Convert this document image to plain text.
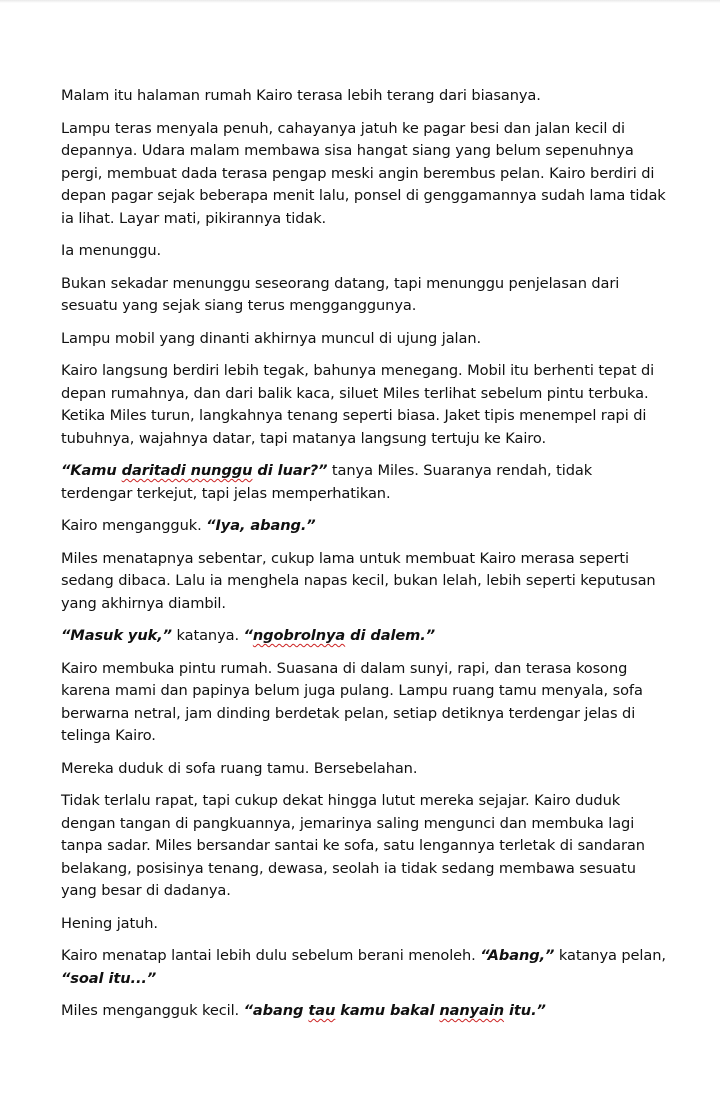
Malam itu halaman rumah Kairo terasa lebih terang dari biasanya.

Lampu teras menyala penuh, cahayanya jatuh ke pagar besi dan jalan kecil di depannya. Udara malam membawa sisa hangat siang yang belum sepenuhnya pergi, membuat dada terasa pengap meski angin berembus pelan. Kairo berdiri di depan pagar sejak beberapa menit lalu, ponsel di genggamannya sudah lama tidak ia lihat. Layar mati, pikirannya tidak.

Ia menunggu.

Bukan sekadar menunggu seseorang datang, tapi menunggu penjelasan dari sesuatu yang sejak siang terus mengganggunya.

Lampu mobil yang dinanti akhirnya muncul di ujung jalan.

Kairo langsung berdiri lebih tegak, bahunya menegang. Mobil itu berhenti tepat di depan rumahnya, dan dari balik kaca, siluet Miles terlihat sebelum pintu terbuka. Ketika Miles turun, langkahnya tenang seperti biasa. Jaket tipis menempel rapi di tubuhnya, wajahnya datar, tapi matanya langsung tertuju ke Kairo.

“Kamu daritadi nunggu di luar?” tanya Miles. Suaranya rendah, tidak terdengar terkejut, tapi jelas memperhatikan.

Kairo mengangguk. “Iya, abang.”

Miles menatapnya sebentar, cukup lama untuk membuat Kairo merasa seperti sedang dibaca. Lalu ia menghela napas kecil, bukan lelah, lebih seperti keputusan yang akhirnya diambil.

“Masuk yuk,” katanya. “ngobrolnya di dalem.”

Kairo membuka pintu rumah. Suasana di dalam sunyi, rapi, dan terasa kosong karena mami dan papinya belum juga pulang. Lampu ruang tamu menyala, sofa berwarna netral, jam dinding berdetak pelan, setiap detiknya terdengar jelas di telinga Kairo.

Mereka duduk di sofa ruang tamu. Bersebelahan.

Tidak terlalu rapat, tapi cukup dekat hingga lutut mereka sejajar. Kairo duduk dengan tangan di pangkuannya, jemarinya saling mengunci dan membuka lagi tanpa sadar. Miles bersandar santai ke sofa, satu lengannya terletak di sandaran belakang, posisinya tenang, dewasa, seolah ia tidak sedang membawa sesuatu yang besar di dadanya.

Hening jatuh.

Kairo menatap lantai lebih dulu sebelum berani menoleh. “Abang,” katanya pelan, “soal itu...”

Miles mengangguk kecil. “abang tau kamu bakal nanyain itu.”
